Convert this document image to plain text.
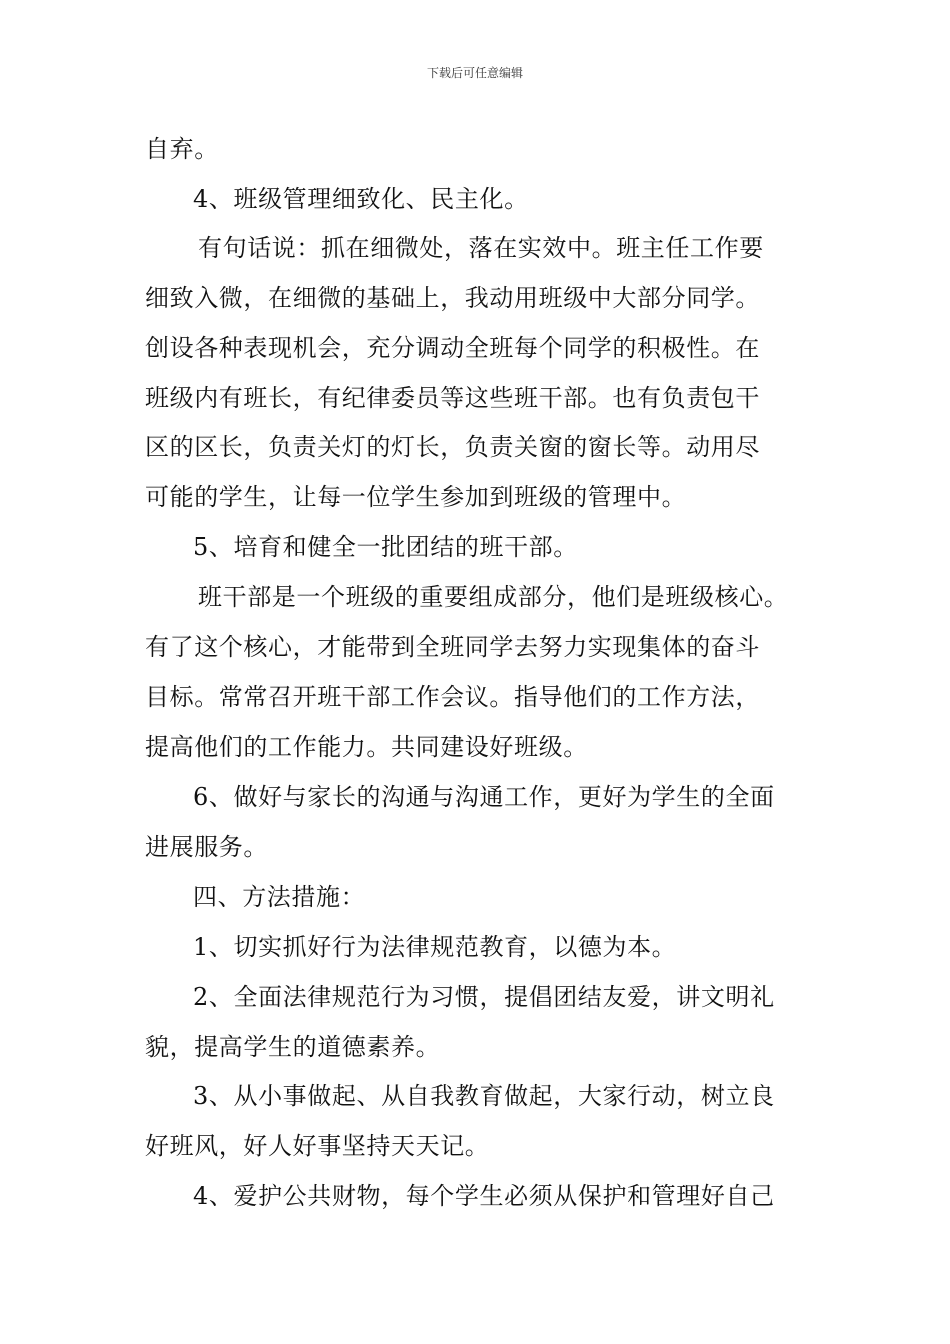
下载后可任意编辑
自弃。
4、班级管理细致化、民主化。
有句话说：抓在细微处，落在实效中。班主任工作要
细致入微，在细微的基础上，我动用班级中大部分同学。
创设各种表现机会，充分调动全班每个同学的积极性。在
班级内有班长，有纪律委员等这些班干部。也有负责包干
区的区长，负责关灯的灯长，负责关窗的窗长等。动用尽
可能的学生，让每一位学生参加到班级的管理中。
5、培育和健全一批团结的班干部。
班干部是一个班级的重要组成部分，他们是班级核心。
有了这个核心，才能带到全班同学去努力实现集体的奋斗
目标。常常召开班干部工作会议。指导他们的工作方法，
提高他们的工作能力。共同建设好班级。
6、做好与家长的沟通与沟通工作，更好为学生的全面
进展服务。
四、方法措施：
1、切实抓好行为法律规范教育，以德为本。
2、全面法律规范行为习惯，提倡团结友爱，讲文明礼
貌，提高学生的道德素养。
3、从小事做起、从自我教育做起，大家行动，树立良
好班风，好人好事坚持天天记。
4、爱护公共财物，每个学生必须从保护和管理好自己
